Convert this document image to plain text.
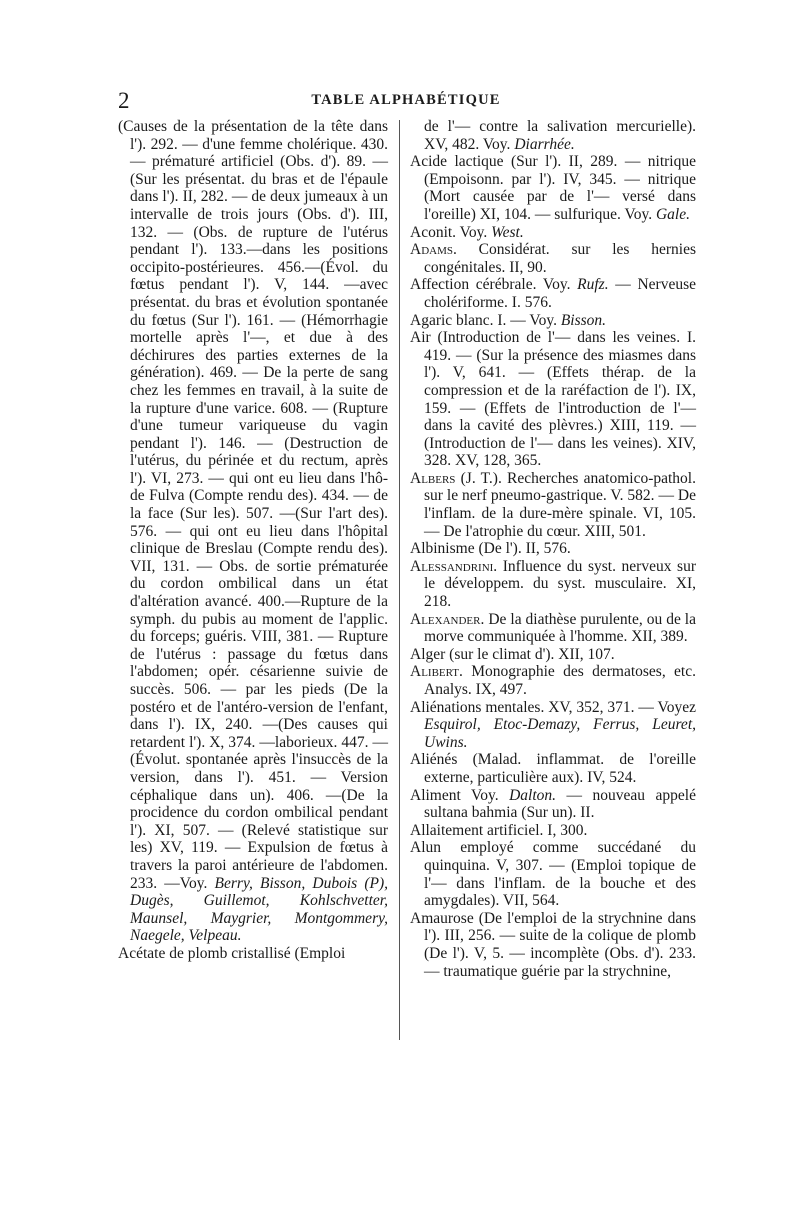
2	TABLE ALPHABÉTIQUE

(Causes de la présentation de la tête dans l'). 292. — d'une femme cholérique. 430. — prématuré artificiel (Obs. d'). 89. — (Sur les présentat. du bras et de l'épaule dans l'). II, 282. — de deux jumeaux à un intervalle de trois jours (Obs. d'). III, 132. — (Obs. de rupture de l'utérus pendant l'). 133.—dans les positions occipito-postérieures. 456.—(Évol. du fœtus pendant l'). V, 144. —avec présentat. du bras et évolution spontanée du fœtus (Sur l'). 161. — (Hémorrhagie mortelle après l'—, et due à des déchirures des parties externes de la génération). 469. — De la perte de sang chez les femmes en travail, à la suite de la rupture d'une varice. 608. — (Rupture d'une tumeur variqueuse du vagin pendant l'). 146. — (Destruction de l'utérus, du périnée et du rectum, après l'). VI, 273. — qui ont eu lieu dans l'hô- de Fulva (Compte rendu des). 434. — de la face (Sur les). 507. —(Sur l'art des). 576. — qui ont eu lieu dans l'hôpital clinique de Breslau (Compte rendu des). VII, 131. — Obs. de sortie prématurée du cordon ombilical dans un état d'altération avancé. 400.—Rupture de la symph. du pubis au moment de l'applic. du forceps; guéris. VIII, 381. — Rupture de l'utérus : passage du fœtus dans l'abdomen; opér. césarienne suivie de succès. 506. — par les pieds (De la postéro et de l'antéro-version de l'enfant, dans l'). IX, 240. —(Des causes qui retardent l'). X, 374. —laborieux. 447. —(Évolut. spontanée après l'insuccès de la version, dans l'). 451. — Version céphalique dans un). 406. —(De la procidence du cordon ombilical pendant l'). XI, 507. — (Relevé statistique sur les) XV, 119. — Expulsion de fœtus à travers la paroi antérieure de l'abdomen. 233. —Voy. Berry, Bisson, Dubois (P), Dugès, Guillemot, Kohlschvetter, Maunsel, Maygrier, Montgommery, Naegele, Velpeau.

Acétate de plomb cristallisé (Emploi

de l'— contre la salivation mercurielle). XV, 482. Voy. Diarrhée.

Acide lactique (Sur l'). II, 289. — nitrique (Empoisonn. par l'). IV, 345. — nitrique (Mort causée par de l'— versé dans l'oreille) XI, 104. — sulfurique. Voy. Gale.

Aconit. Voy. West.

Adams. Considérat. sur les hernies congénitales. II, 90.

Affection cérébrale. Voy. Rufz. — Nerveuse cholériforme. I. 576.

Agaric blanc. I. — Voy. Bisson.

Air (Introduction de l'— dans les veines. I. 419. — (Sur la présence des miasmes dans l'). V, 641. — (Effets thérap. de la compression et de la raréfaction de l'). IX, 159. — (Effets de l'introduction de l'— dans la cavité des plèvres.) XIII, 119. — (Introduction de l'— dans les veines). XIV, 328. XV, 128, 365.

Albers (J. T.). Recherches anatomico-pathol. sur le nerf pneumo-gastrique. V. 582. — De l'inflam. de la dure-mère spinale. VI, 105. — De l'atrophie du cœur. XIII, 501.

Albinisme (De l'). II, 576.

Alessandrini. Influence du syst. nerveux sur le développem. du syst. musculaire. XI, 218.

Alexander. De la diathèse purulente, ou de la morve communiquée à l'homme. XII, 389.

Alger (sur le climat d'). XII, 107.

Alibert. Monographie des dermatoses, etc. Analys. IX, 497.

Aliénations mentales. XV, 352, 371. — Voyez Esquirol, Etoc-Demazy, Ferrus, Leuret, Uwins.

Aliénés (Malad. inflammat. de l'oreille externe, particulière aux). IV, 524.

Aliment Voy. Dalton. — nouveau appelé sultana bahmia (Sur un). II.

Allaitement artificiel. I, 300.

Alun employé comme succédané du quinquina. V, 307. — (Emploi topique de l'— dans l'inflam. de la bouche et des amygdales). VII, 564.

Amaurose (De l'emploi de la strychnine dans l'). III, 256. — suite de la colique de plomb (De l'). V, 5. — incomplète (Obs. d'). 233. — traumatique guérie par la strychnine,
